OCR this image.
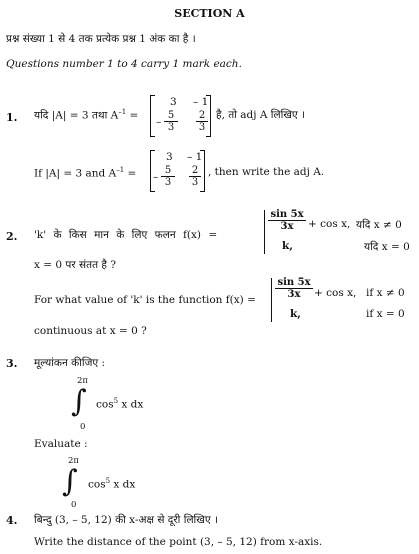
SECTION A
प्रश्न संख्या 1 से 4 तक प्रत्येक प्रश्न 1 अंक का है ।
Questions number 1 to 4 carry 1 mark each.
1. यदि |A| = 3 तथा $A^{-1}$ =
3 – 1
– $\frac{5}{3} \frac{2}{3}$ है, तो adj A लिखिए ।
If |A| = 3 and $A^{-1}$ =
3 – 1
– $\frac{5}{3} \frac{2}{3}$ , then write the adj A.
2. 'k' के किस मान के लिए फलन f(x) =
$\frac{\sin 5x}{3x} + \cos x$, यदि x ≠ 0
k,	यदि x = 0
x = 0 पर संतत है ?
For what value of 'k' is the function $f(x) = \frac{\sin 5x}{3x} + \cos x$, if x ≠ 0
k,	if x = 0
continuous at x = 0 ?
3. मूल्यांकन कीजिए :
2π
∫
0
$\cos^5 x$ dx
Evaluate :
2π
∫
0
$\cos^5 x$ dx
4. बिन्दु (3, – 5, 12) की x-अक्ष से दूरी लिखिए ।
Write the distance of the point (3, – 5, 12) from x-axis.
